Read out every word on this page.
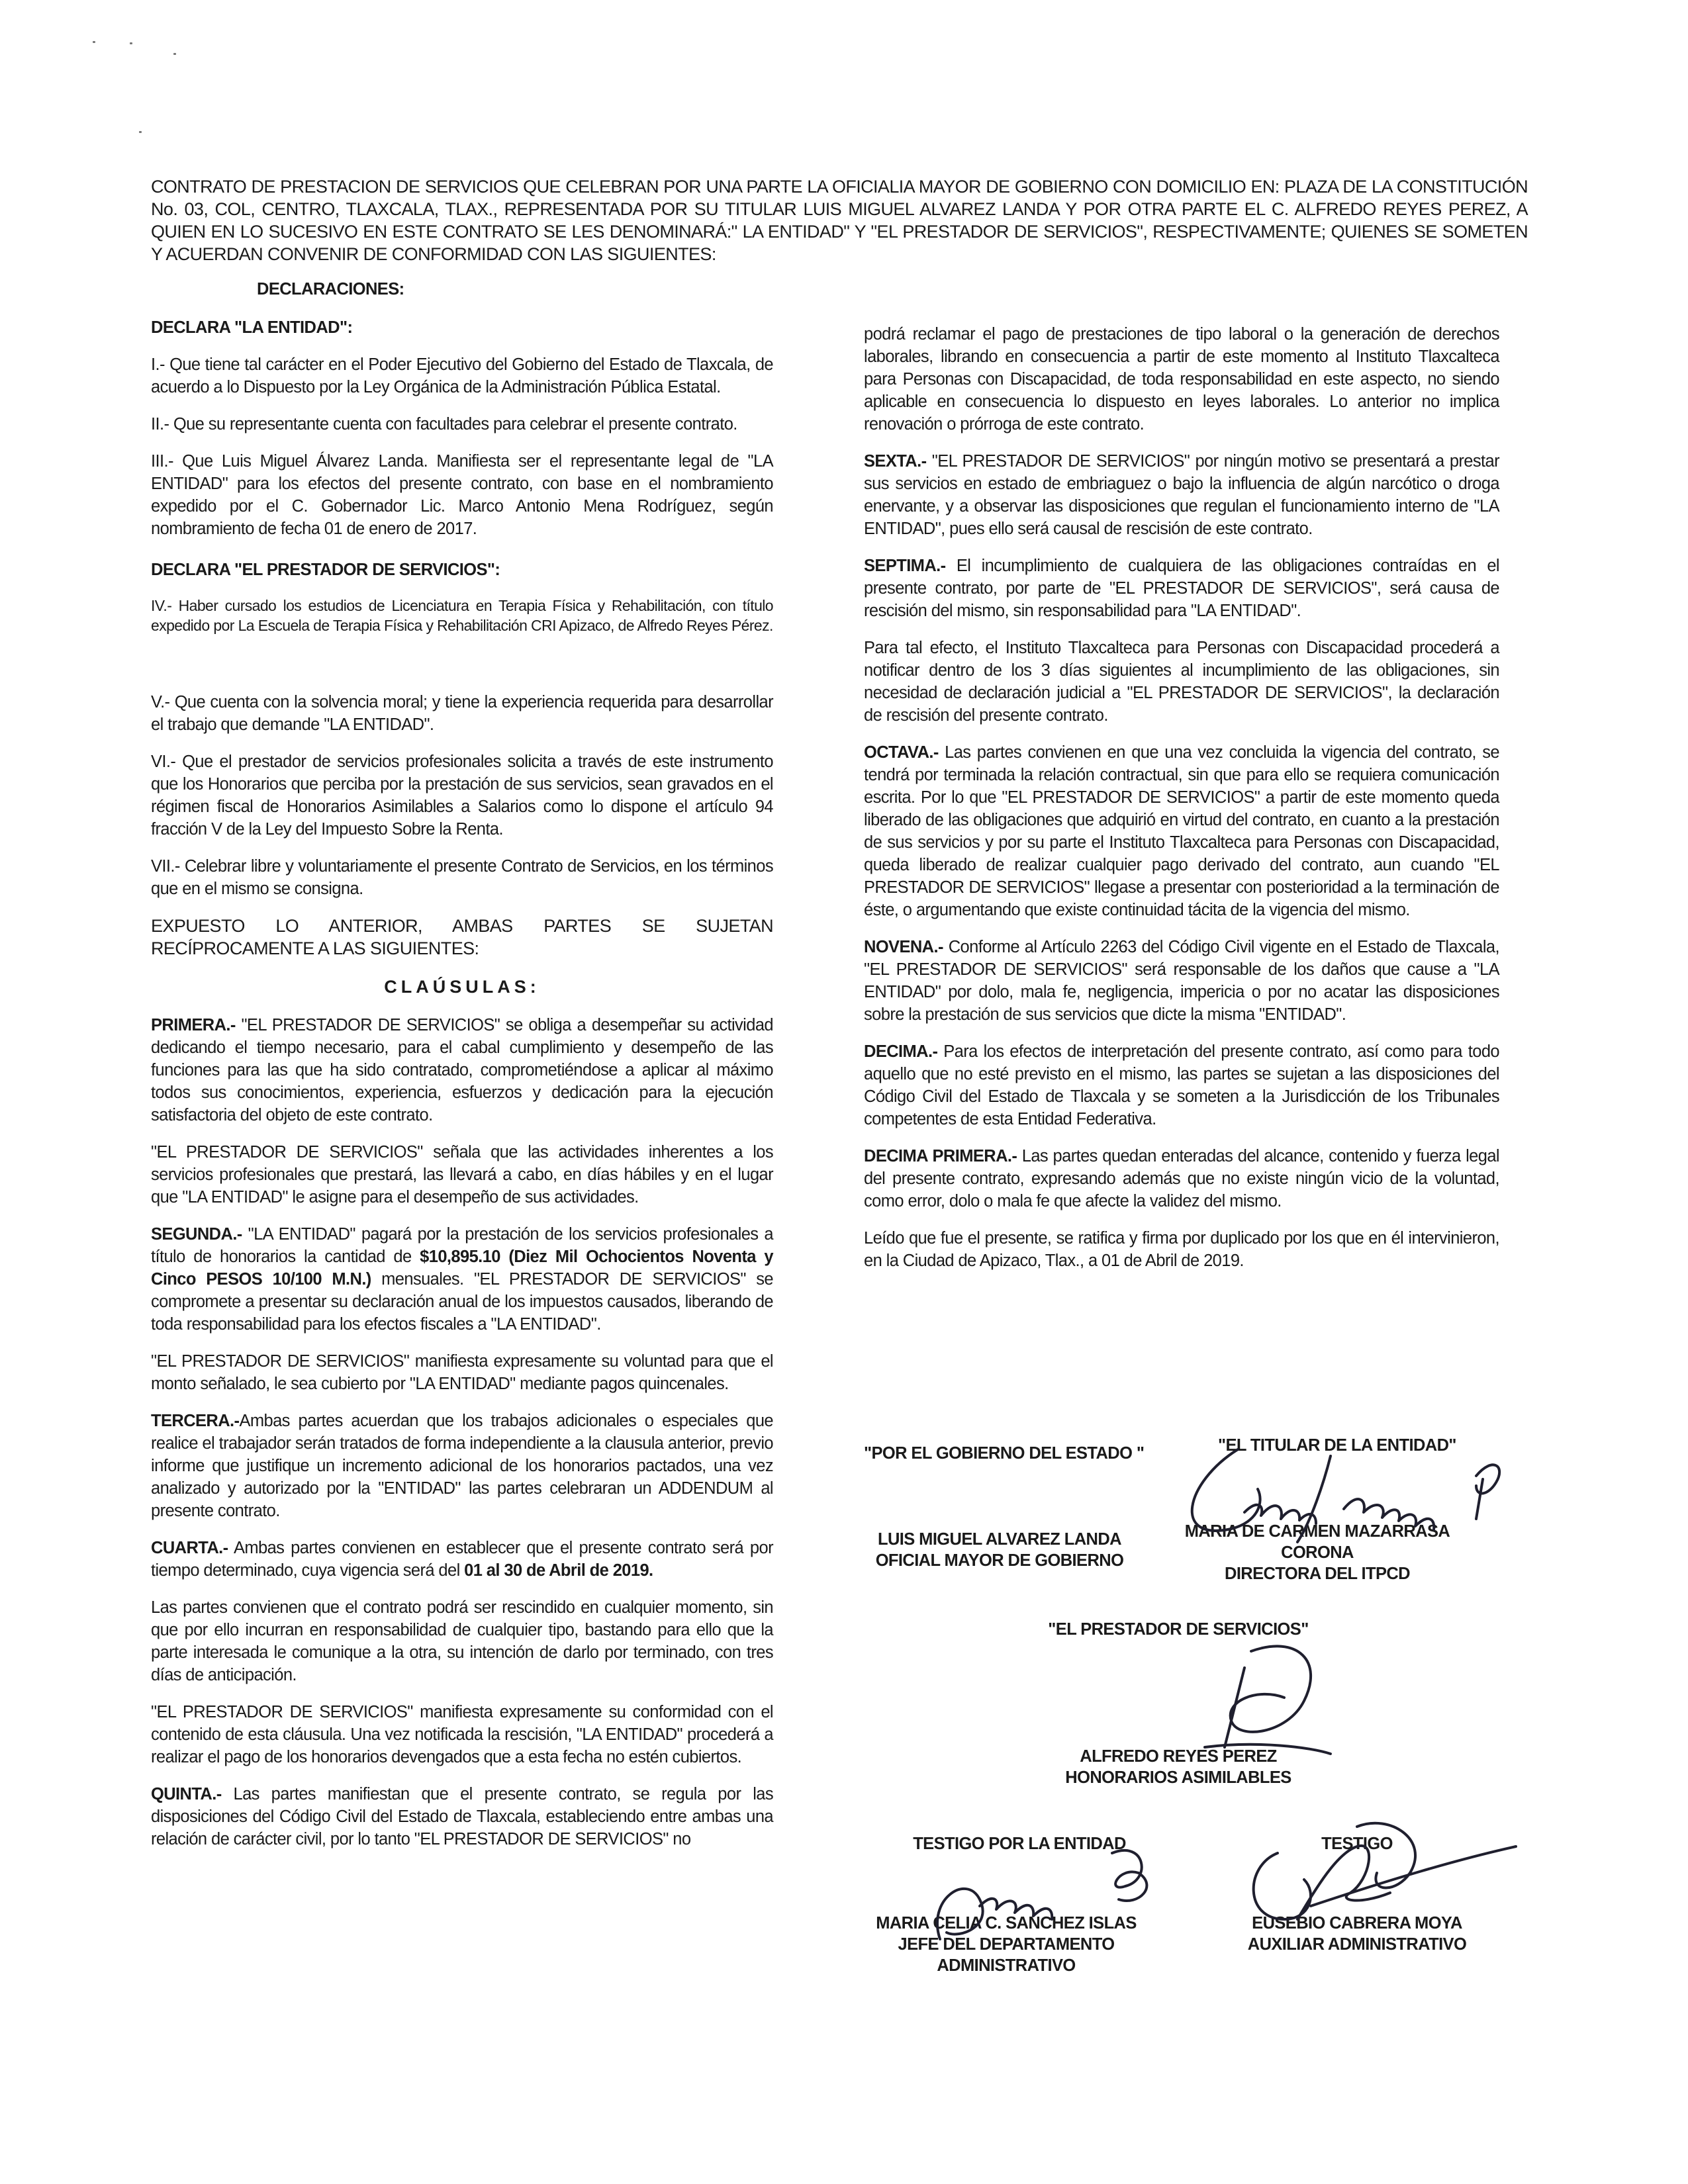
CONTRATO DE PRESTACION DE SERVICIOS QUE CELEBRAN POR UNA PARTE LA OFICIALIA MAYOR DE GOBIERNO CON DOMICILIO EN: PLAZA DE LA CONSTITUCIÓN No. 03, COL, CENTRO, TLAXCALA, TLAX., REPRESENTADA POR SU TITULAR LUIS MIGUEL ALVAREZ LANDA Y POR OTRA PARTE EL C. ALFREDO REYES PEREZ, A QUIEN EN LO SUCESIVO EN ESTE CONTRATO SE LES DENOMINARÁ:" LA ENTIDAD" Y "EL PRESTADOR DE SERVICIOS", RESPECTIVAMENTE; QUIENES SE SOMETEN Y ACUERDAN CONVENIR DE CONFORMIDAD CON LAS SIGUIENTES:

DECLARACIONES:

DECLARA "LA ENTIDAD":

I.- Que tiene tal carácter en el Poder Ejecutivo del Gobierno del Estado de Tlaxcala, de acuerdo a lo Dispuesto por la Ley Orgánica de la Administración Pública Estatal.

II.- Que su representante cuenta con facultades para celebrar el presente contrato.

III.- Que Luis Miguel Álvarez Landa. Manifiesta ser el representante legal de "LA ENTIDAD" para los efectos del presente contrato, con base en el nombramiento expedido por el C. Gobernador Lic. Marco Antonio Mena Rodríguez, según nombramiento de fecha 01 de enero de 2017.

DECLARA "EL PRESTADOR DE SERVICIOS":

IV.- Haber cursado los estudios de Licenciatura en Terapia Física y Rehabilitación, con título expedido por La Escuela de Terapia Física y Rehabilitación CRI Apizaco, de Alfredo Reyes Pérez.

V.- Que cuenta con la solvencia moral; y tiene la experiencia requerida para desarrollar el trabajo que demande "LA ENTIDAD".

VI.- Que el prestador de servicios profesionales solicita a través de este instrumento que los Honorarios que perciba por la prestación de sus servicios, sean gravados en el régimen fiscal de Honorarios Asimilables a Salarios como lo dispone el artículo 94 fracción V de la Ley del Impuesto Sobre la Renta.

VII.- Celebrar libre y voluntariamente el presente Contrato de Servicios, en los términos que en el mismo se consigna.

EXPUESTO LO ANTERIOR, AMBAS PARTES SE SUJETAN RECÍPROCAMENTE A LAS SIGUIENTES:

CLAÚSULAS:

PRIMERA.- "EL PRESTADOR DE SERVICIOS" se obliga a desempeñar su actividad dedicando el tiempo necesario, para el cabal cumplimiento y desempeño de las funciones para las que ha sido contratado, comprometiéndose a aplicar al máximo todos sus conocimientos, experiencia, esfuerzos y dedicación para la ejecución satisfactoria del objeto de este contrato.

"EL PRESTADOR DE SERVICIOS" señala que las actividades inherentes a los servicios profesionales que prestará, las llevará a cabo, en días hábiles y en el lugar que "LA ENTIDAD" le asigne para el desempeño de sus actividades.

SEGUNDA.- "LA ENTIDAD" pagará por la prestación de los servicios profesionales a título de honorarios la cantidad de $10,895.10 (Diez Mil Ochocientos Noventa y Cinco PESOS 10/100 M.N.) mensuales. "EL PRESTADOR DE SERVICIOS" se compromete a presentar su declaración anual de los impuestos causados, liberando de toda responsabilidad para los efectos fiscales a "LA ENTIDAD".

"EL PRESTADOR DE SERVICIOS" manifiesta expresamente su voluntad para que el monto señalado, le sea cubierto por "LA ENTIDAD" mediante pagos quincenales.

TERCERA.-Ambas partes acuerdan que los trabajos adicionales o especiales que realice el trabajador serán tratados de forma independiente a la clausula anterior, previo informe que justifique un incremento adicional de los honorarios pactados, una vez analizado y autorizado por la "ENTIDAD" las partes celebraran un ADDENDUM al presente contrato.

CUARTA.- Ambas partes convienen en establecer que el presente contrato será por tiempo determinado, cuya vigencia será del 01 al 30 de Abril de 2019.

Las partes convienen que el contrato podrá ser rescindido en cualquier momento, sin que por ello incurran en responsabilidad de cualquier tipo, bastando para ello que la parte interesada le comunique a la otra, su intención de darlo por terminado, con tres días de anticipación.

"EL PRESTADOR DE SERVICIOS" manifiesta expresamente su conformidad con el contenido de esta cláusula. Una vez notificada la rescisión, "LA ENTIDAD" procederá a realizar el pago de los honorarios devengados que a esta fecha no estén cubiertos.

QUINTA.- Las partes manifiestan que el presente contrato, se regula por las disposiciones del Código Civil del Estado de Tlaxcala, estableciendo entre ambas una relación de carácter civil, por lo tanto "EL PRESTADOR DE SERVICIOS" no

podrá reclamar el pago de prestaciones de tipo laboral o la generación de derechos laborales, librando en consecuencia a partir de este momento al Instituto Tlaxcalteca para Personas con Discapacidad, de toda responsabilidad en este aspecto, no siendo aplicable en consecuencia lo dispuesto en leyes laborales. Lo anterior no implica renovación o prórroga de este contrato.

SEXTA.- "EL PRESTADOR DE SERVICIOS" por ningún motivo se presentará a prestar sus servicios en estado de embriaguez o bajo la influencia de algún narcótico o droga enervante, y a observar las disposiciones que regulan el funcionamiento interno de "LA ENTIDAD", pues ello será causal de rescisión de este contrato.

SEPTIMA.- El incumplimiento de cualquiera de las obligaciones contraídas en el presente contrato, por parte de "EL PRESTADOR DE SERVICIOS", será causa de rescisión del mismo, sin responsabilidad para "LA ENTIDAD".

Para tal efecto, el Instituto Tlaxcalteca para Personas con Discapacidad procederá a notificar dentro de los 3 días siguientes al incumplimiento de las obligaciones, sin necesidad de declaración judicial a "EL PRESTADOR DE SERVICIOS", la declaración de rescisión del presente contrato.

OCTAVA.- Las partes convienen en que una vez concluida la vigencia del contrato, se tendrá por terminada la relación contractual, sin que para ello se requiera comunicación escrita. Por lo que "EL PRESTADOR DE SERVICIOS" a partir de este momento queda liberado de las obligaciones que adquirió en virtud del contrato, en cuanto a la prestación de sus servicios y por su parte el Instituto Tlaxcalteca para Personas con Discapacidad, queda liberado de realizar cualquier pago derivado del contrato, aun cuando "EL PRESTADOR DE SERVICIOS" llegase a presentar con posterioridad a la terminación de éste, o argumentando que existe continuidad tácita de la vigencia del mismo.

NOVENA.- Conforme al Artículo 2263 del Código Civil vigente en el Estado de Tlaxcala, "EL PRESTADOR DE SERVICIOS" será responsable de los daños que cause a "LA ENTIDAD" por dolo, mala fe, negligencia, impericia o por no acatar las disposiciones sobre la prestación de sus servicios que dicte la misma "ENTIDAD".

DECIMA.- Para los efectos de interpretación del presente contrato, así como para todo aquello que no esté previsto en el mismo, las partes se sujetan a las disposiciones del Código Civil del Estado de Tlaxcala y se someten a la Jurisdicción de los Tribunales competentes de esta Entidad Federativa.

DECIMA PRIMERA.- Las partes quedan enteradas del alcance, contenido y fuerza legal del presente contrato, expresando además que no existe ningún vicio de la voluntad, como error, dolo o mala fe que afecte la validez del mismo.

Leído que fue el presente, se ratifica y firma por duplicado por los que en él intervinieron, en la Ciudad de Apizaco, Tlax., a 01 de Abril de 2019.

"POR EL GOBIERNO DEL ESTADO "	"EL TITULAR DE LA ENTIDAD"
LUIS MIGUEL ALVAREZ LANDA
OFICIAL MAYOR DE GOBIERNO
MARIA DE CARMEN MAZARRASA
CORONA
DIRECTORA DEL ITPCD
"EL PRESTADOR DE SERVICIOS"
ALFREDO REYES PEREZ
HONORARIOS ASIMILABLES
TESTIGO POR LA ENTIDAD	TESTIGO
MARIA CELIA C. SANCHEZ ISLAS
JEFE DEL DEPARTAMENTO
ADMINISTRATIVO
EUSEBIO CABRERA MOYA
AUXILIAR ADMINISTRATIVO
